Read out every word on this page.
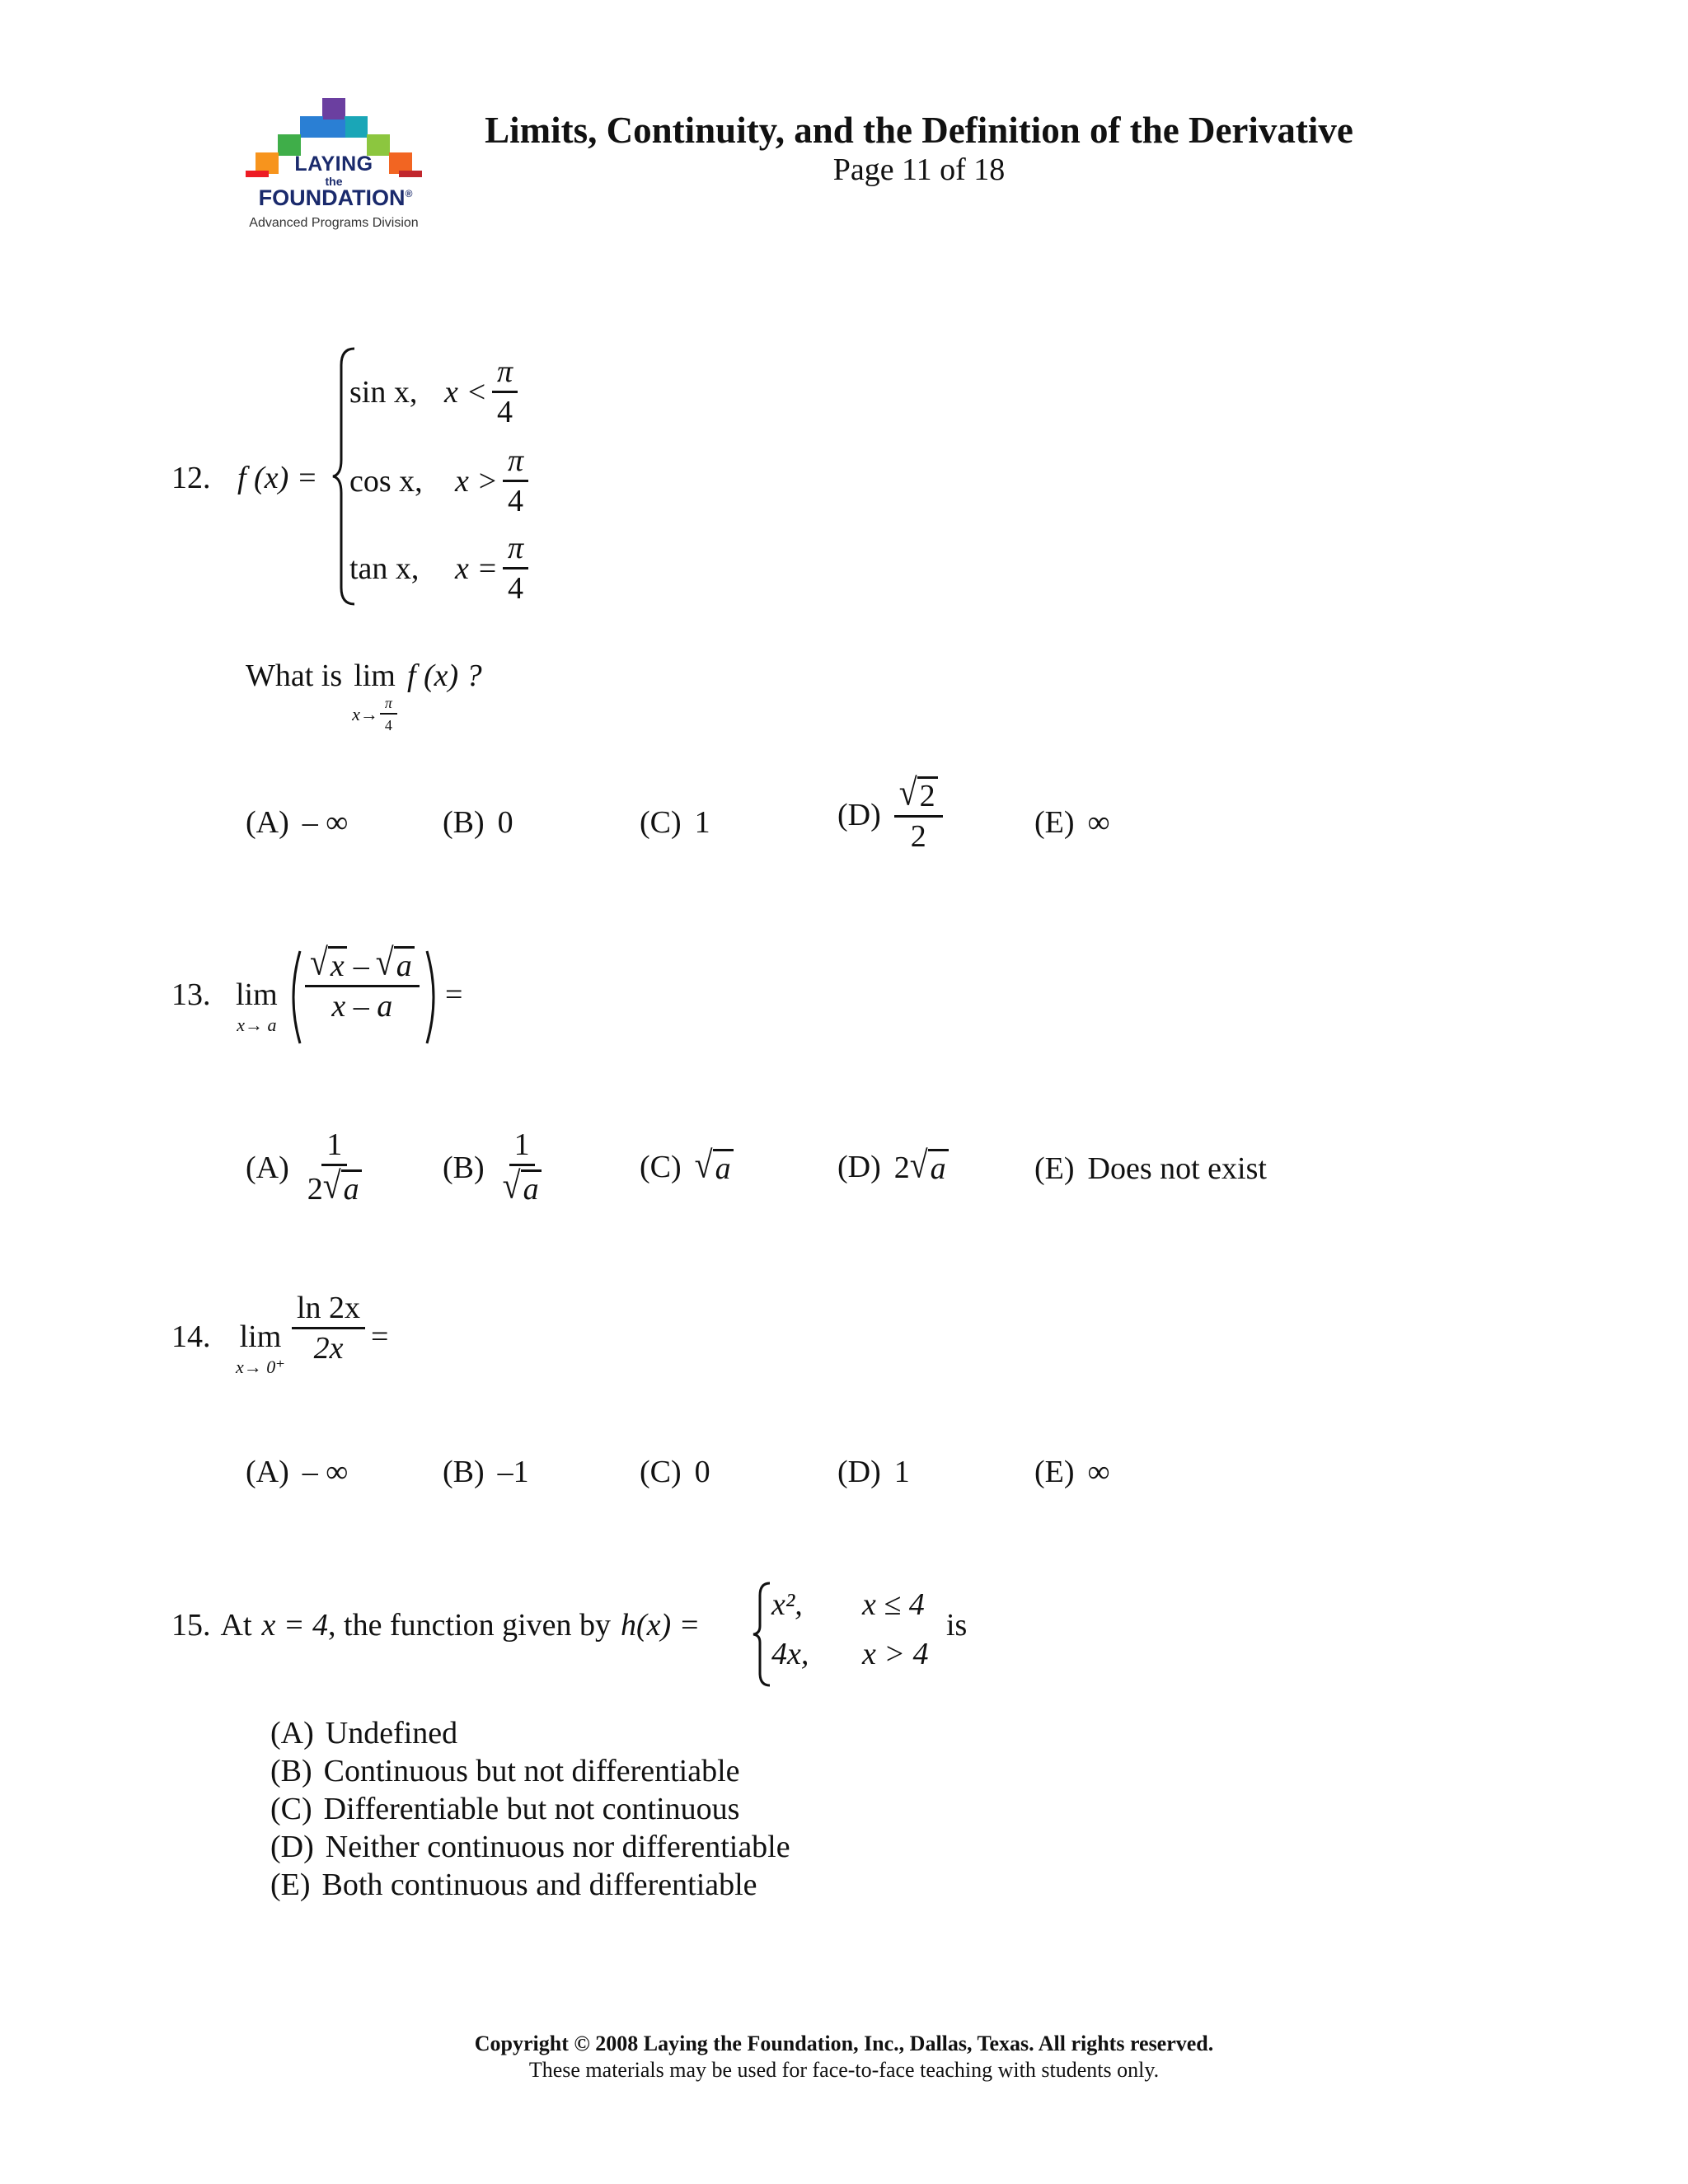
LAYING
the
FOUNDATION®
Advanced Programs Division
Limits, Continuity, and the Definition of the Derivative
Page 11 of 18
12. f (x) =
sin x, $x < \frac{\pi}{4}$
cos x,	$x > \frac{\pi}{4}$
tan x,	$x = \frac{\pi}{4}$
What is lim
$x\to \frac{\pi}{4}$
f (x) ?
(A) – ∞	(B) 0	(C) 1	$(D) \frac{√ 2}{2}$	(E) ∞
13. lim
x→ a
$\frac{√ x - √ a}{x - a}$ =
$(A) \frac{1}{2 √ a} (B) \frac{1}{√ a}$	(C) √ a	(D) 2 √ a	(E) Does not exist
14. lim
x→ 0⁺
$\frac{\ln 2x}{2x}$ =
(A) – ∞	(B) –1	(C) 0	(D) 1	(E) ∞
15. At x = 4 , the function given by h(x) =
x²,	x ≤ 4
4x,	x > 4
is
(A) Undefined
(B) Continuous but not differentiable
(C) Differentiable but not continuous
(D) Neither continuous nor differentiable
(E) Both continuous and differentiable
Copyright © 2008 Laying the Foundation, Inc., Dallas, Texas. All rights reserved.
These materials may be used for face-to-face teaching with students only.
